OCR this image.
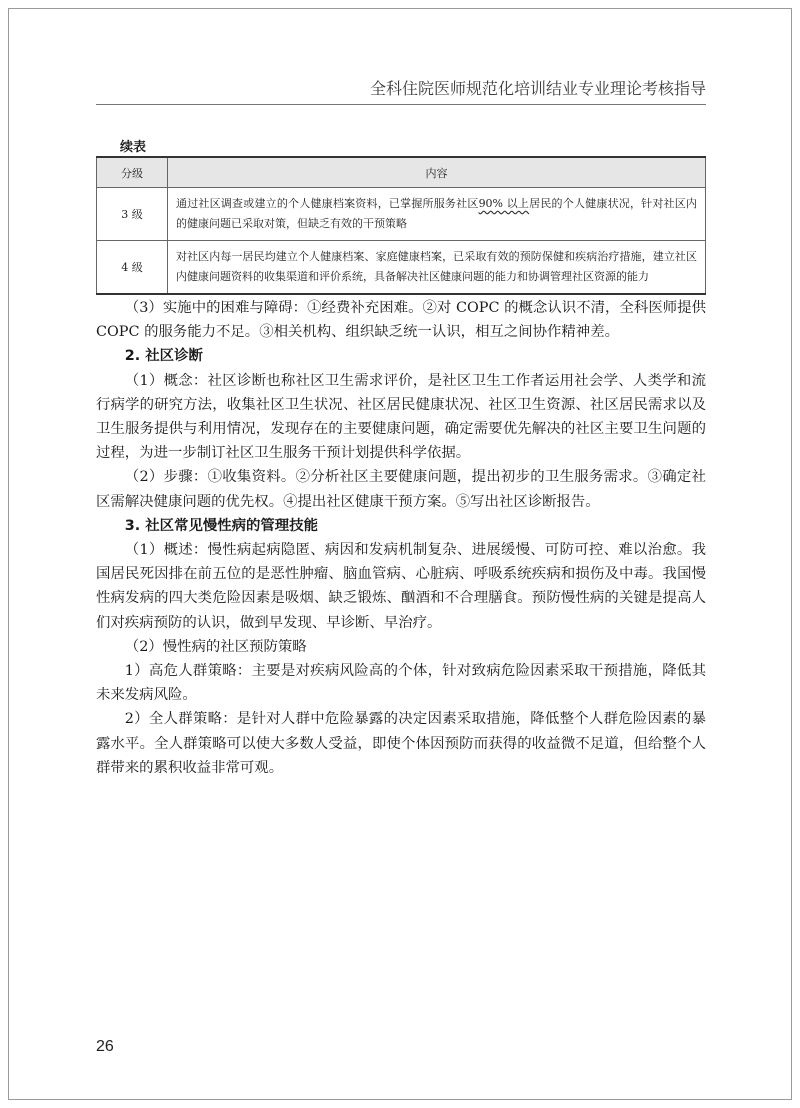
全科住院医师规范化培训结业专业理论考核指导
续表
分级	内容
3 级	通过社区调查或建立的个人健康档案资料，已掌握所服务社区90% 以上居民的个人健康状况，针对社区内的健康问题已采取对策，但缺乏有效的干预策略
4 级	对社区内每一居民均建立个人健康档案、家庭健康档案，已采取有效的预防保健和疾病治疗措施，建立社区内健康问题资料的收集渠道和评价系统，具备解决社区健康问题的能力和协调管理社区资源的能力

（3）实施中的困难与障碍：①经费补充困难。②对 COPC 的概念认识不清，全科医师提供 COPC 的服务能力不足。③相关机构、组织缺乏统一认识，相互之间协作精神差。

2. 社区诊断

（1）概念：社区诊断也称社区卫生需求评价，是社区卫生工作者运用社会学、人类学和流行病学的研究方法，收集社区卫生状况、社区居民健康状况、社区卫生资源、社区居民需求以及卫生服务提供与利用情况，发现存在的主要健康问题，确定需要优先解决的社区主要卫生问题的过程，为进一步制订社区卫生服务干预计划提供科学依据。

（2）步骤：①收集资料。②分析社区主要健康问题，提出初步的卫生服务需求。③确定社区需解决健康问题的优先权。④提出社区健康干预方案。⑤写出社区诊断报告。

3. 社区常见慢性病的管理技能

（1）概述：慢性病起病隐匿、病因和发病机制复杂、进展缓慢、可防可控、难以治愈。我国居民死因排在前五位的是恶性肿瘤、脑血管病、心脏病、呼吸系统疾病和损伤及中毒。我国慢性病发病的四大类危险因素是吸烟、缺乏锻炼、酗酒和不合理膳食。预防慢性病的关键是提高人们对疾病预防的认识，做到早发现、早诊断、早治疗。

（2）慢性病的社区预防策略

1）高危人群策略：主要是对疾病风险高的个体，针对致病危险因素采取干预措施，降低其未来发病风险。

2）全人群策略：是针对人群中危险暴露的决定因素采取措施，降低整个人群危险因素的暴露水平。全人群策略可以使大多数人受益，即使个体因预防而获得的收益微不足道，但给整个人群带来的累积收益非常可观。

26
